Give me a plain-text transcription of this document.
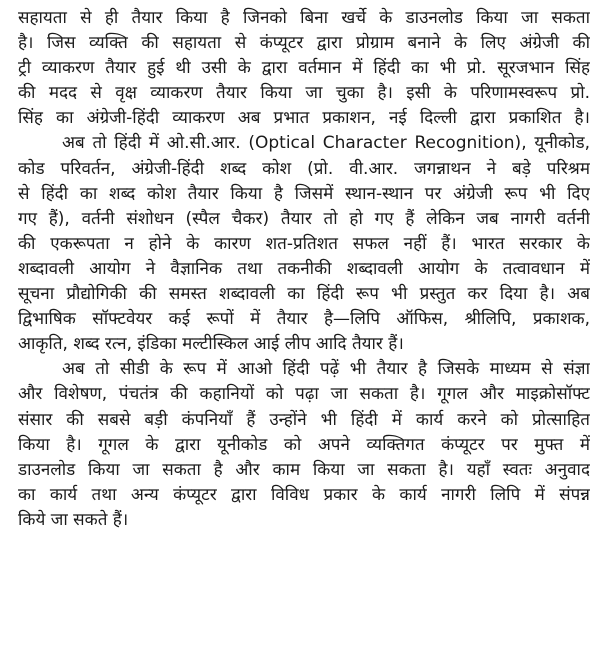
सहायता से ही तैयार किया है जिनको बिना खर्चे के डाउनलोड किया जा सकता
है। जिस व्यक्ति की सहायता से कंप्यूटर द्वारा प्रोग्राम बनाने के लिए अंग्रेजी की
ट्री व्याकरण तैयार हुई थी उसी के द्वारा वर्तमान में हिंदी का भी प्रो. सूरजभान सिंह
की मदद से वृक्ष व्याकरण तैयार किया जा चुका है। इसी के परिणामस्वरूप प्रो.
सिंह का अंग्रेजी-हिंदी व्याकरण अब प्रभात प्रकाशन, नई दिल्ली द्वारा प्रकाशित है।
अब तो हिंदी में ओ.सी.आर. (Optical Character Recognition), यूनीकोड,
कोड परिवर्तन, अंग्रेजी-हिंदी शब्द कोश (प्रो. वी.आर. जगन्नाथन ने बड़े परिश्रम
से हिंदी का शब्द कोश तैयार किया है जिसमें स्थान-स्थान पर अंग्रेजी रूप भी दिए
गए हैं), वर्तनी संशोधन (स्पैल चैकर) तैयार तो हो गए हैं लेकिन जब नागरी वर्तनी
की एकरूपता न होने के कारण शत-प्रतिशत सफल नहीं हैं। भारत सरकार के
शब्दावली आयोग ने वैज्ञानिक तथा तकनीकी शब्दावली आयोग के तत्वावधान में
सूचना प्रौद्योगिकी की समस्त शब्दावली का हिंदी रूप भी प्रस्तुत कर दिया है। अब
द्विभाषिक सॉफ्टवेयर कई रूपों में तैयार है—लिपि ऑफिस, श्रीलिपि, प्रकाशक,
आकृति, शब्द रत्न, इंडिका मल्टीस्किल आई लीप आदि तैयार हैं।
अब तो सीडी के रूप में आओ हिंदी पढ़ें भी तैयार है जिसके माध्यम से संज्ञा
और विशेषण, पंचतंत्र की कहानियों को पढ़ा जा सकता है। गूगल और माइक्रोसॉफ्ट
संसार की सबसे बड़ी कंपनियाँ हैं उन्होंने भी हिंदी में कार्य करने को प्रोत्साहित
किया है। गूगल के द्वारा यूनीकोड को अपने व्यक्तिगत कंप्यूटर पर मुफ्त में
डाउनलोड किया जा सकता है और काम किया जा सकता है। यहाँ स्वतः अनुवाद
का कार्य तथा अन्य कंप्यूटर द्वारा विविध प्रकार के कार्य नागरी लिपि में संपन्न
किये जा सकते हैं।
